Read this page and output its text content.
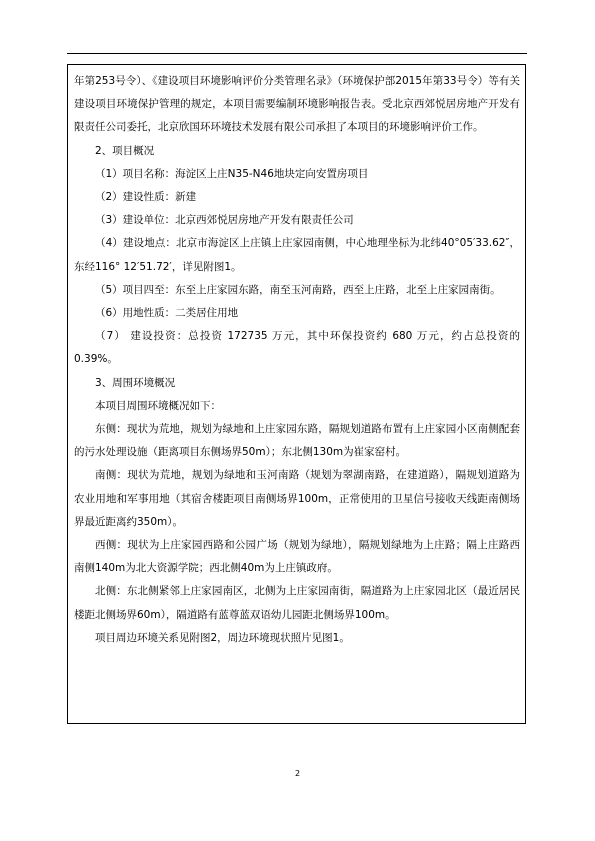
年第253号令）、《建设项目环境影响评价分类管理名录》（环境保护部2015年第33号令）等有关建设项目环境保护管理的规定，本项目需要编制环境影响报告表。受北京西郊悦居房地产开发有限责任公司委托，北京欣国环环境技术发展有限公司承担了本项目的环境影响评价工作。

2、项目概况

（1）项目名称：海淀区上庄N35-N46地块定向安置房项目

（2）建设性质：新建

（3）建设单位：北京西郊悦居房地产开发有限责任公司

（4）建设地点：北京市海淀区上庄镇上庄家园南侧，中心地理坐标为北纬40°05′33.62″，东经116° 12′51.72′，详见附图1。

（5）项目四至：东至上庄家园东路，南至玉河南路，西至上庄路，北至上庄家园南街。

（6）用地性质：二类居住用地

（7） 建设投资：总投资 172735 万元，其中环保投资约 680 万元，约占总投资的0.39%。

3、周围环境概况

本项目周围环境概况如下：

东侧：现状为荒地，规划为绿地和上庄家园东路，隔规划道路布置有上庄家园小区南侧配套的污水处理设施（距离项目东侧场界50m）；东北侧130m为崔家窑村。

南侧：现状为荒地，规划为绿地和玉河南路（规划为翠湖南路，在建道路），隔规划道路为农业用地和军事用地（其宿舍楼距项目南侧场界100m，正常使用的卫星信号接收天线距南侧场界最近距离约350m）。

西侧：现状为上庄家园西路和公园广场（规划为绿地），隔规划绿地为上庄路；隔上庄路西南侧140m为北大资源学院；西北侧40m为上庄镇政府。

北侧：东北侧紧邻上庄家园南区，北侧为上庄家园南街，隔道路为上庄家园北区（最近居民楼距北侧场界60m），隔道路有蓝尊蓝双语幼儿园距北侧场界100m。

项目周边环境关系见附图2，周边环境现状照片见图1。

2
